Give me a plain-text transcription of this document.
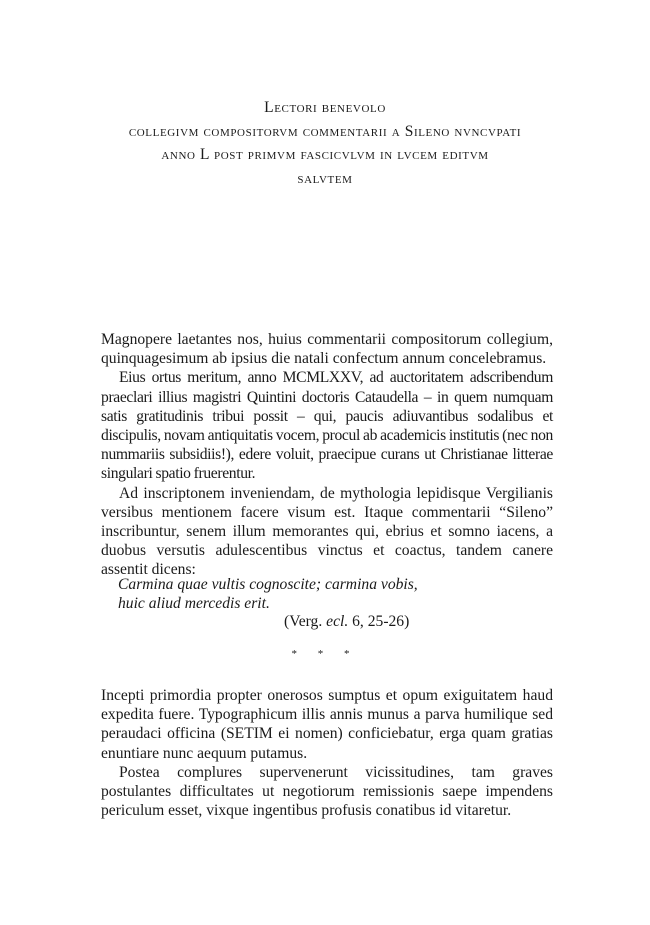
Lectori benevolo
collegivm compositorvm commentarii a Sileno nvncvpati
anno L post primvm fascicvlvm in lvcem editvm
salvtem

Magnopere laetantes nos, huius commentarii compositorum collegium, quinquagesimum ab ipsius die natali confectum annum concelebramus.

Eius ortus meritum, anno MCMLXXV, ad auctoritatem adscribendum praeclari illius magistri Quintini doctoris Cataudella – in quem numquam satis gratitudinis tribui possit – qui, paucis adiuvantibus sodalibus et discipulis, novam antiquitatis vocem, procul ab academicis institutis (nec non nummariis subsidiis!), edere voluit, praecipue curans ut Christianae litterae singulari spatio fruerentur.

Ad inscriptonem inveniendam, de mythologia lepidisque Vergilianis versibus mentionem facere visum est. Itaque commentarii “Sileno” inscribuntur, senem illum memorantes qui, ebrius et somno iacens, a duobus versutis adulescentibus vinctus et coactus, tandem canere assentit dicens:

Carmina quae vultis cognoscite; carmina vobis,
huic aliud mercedis erit.
(Verg. ecl. 6, 25-26)
* * *

Incepti primordia propter onerosos sumptus et opum exiguitatem haud expedita fuere. Typographicum illis annis munus a parva humilique sed peraudaci officina (SETIM ei nomen) conficiebatur, erga quam gratias enuntiare nunc aequum putamus.

Postea complures supervenerunt vicissitudines, tam graves postulantes difficultates ut negotiorum remissionis saepe impendens periculum esset, vixque ingentibus profusis conatibus id vitaretur.
